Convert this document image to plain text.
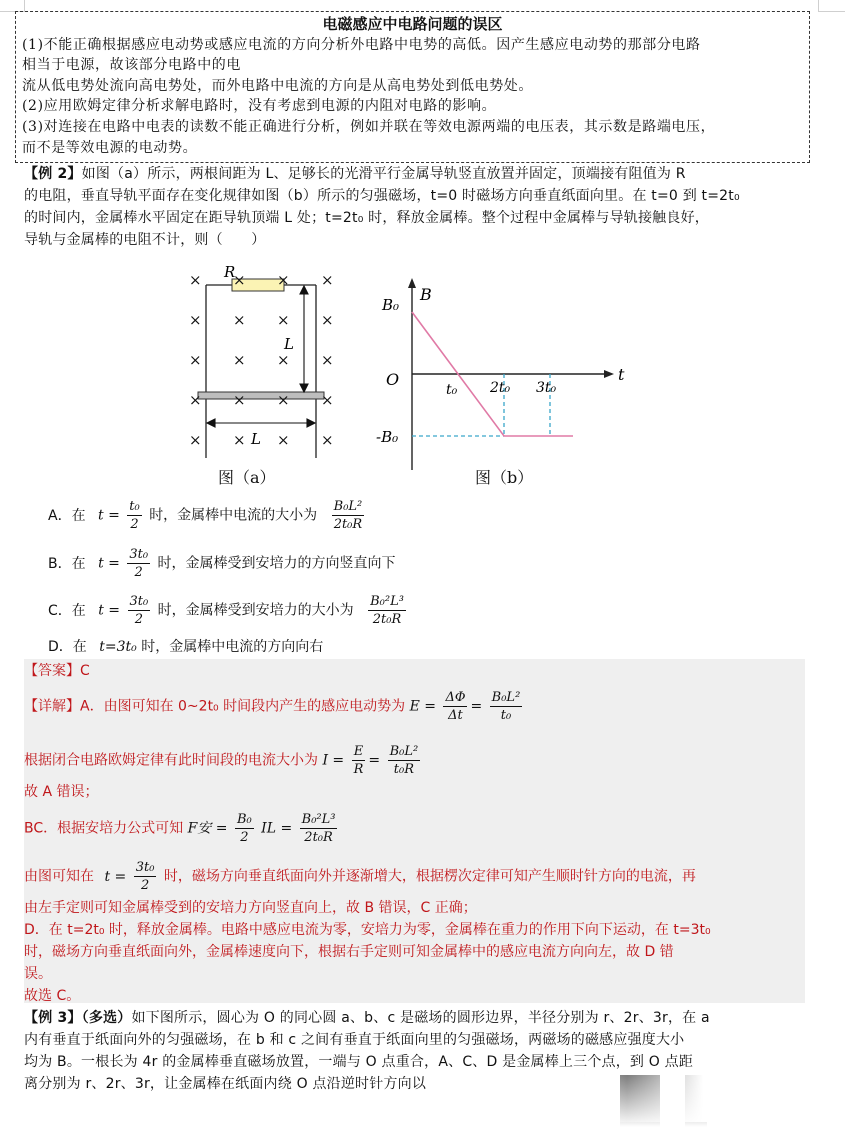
电磁感应中电路问题的误区
(1)不能正确根据感应电动势或感应电流的方向分析外电路中电势的高低。因产生感应电动势的那部分电路
相当于电源，故该部分电路中的电
流从低电势处流向高电势处，而外电路中电流的方向是从高电势处到低电势处。
(2)应用欧姆定律分析求解电路时，没有考虑到电源的内阻对电路的影响。
(3)对连接在电路中电表的读数不能正确进行分析，例如并联在等效电源两端的电压表，其示数是路端电压，
而不是等效电源的电动势。
【例 2】如图（a）所示，两根间距为 L、足够长的光滑平行金属导轨竖直放置并固定，顶端接有阻值为 R
的电阻，垂直导轨平面存在变化规律如图（b）所示的匀强磁场，t=0 时磁场方向垂直纸面向里。在 t=0 到 t=2t₀
的时间内，金属棒水平固定在距导轨顶端 L 处；t=2t₀ 时，释放金属棒。整个过程中金属棒与导轨接触良好，
导轨与金属棒的电阻不计，则（　　）
× × × ×
× × × ×
× × × ×
× × × ×
× × × ×
R
L
L
图（a）
B
t
O
B₀
-B₀
t₀ 2t₀ 3t₀
图（b）
A．在 $t = \frac{\text{t₀}}{2}$ 时，金属棒中电流的大小为 $\frac{\text{B₀L²}}{\text{2t₀R}}$
B．在 $t = \frac{\text{3t₀}}{2}$ 时，金属棒受到安培力的方向竖直向下
C．在 $t = \frac{\text{3t₀}}{2}$ 时，金属棒受到安培力的大小为 $\frac{\text{B₀²L³}}{\text{2t₀R}}$
D．在 t=3t₀ 时，金属棒中电流的方向向右
【答案】C
【详解】A．由图可知在 0~2t₀ 时间段内产生的感应电动势为 $E = \frac{\Delta\Phi}{\Delta t} = \frac{\text{B₀L²}}{\text{t₀}}$
根据闭合电路欧姆定律有此时间段的电流大小为 $I = \frac{E}{R} = \frac{\text{B₀L²}}{\text{t₀R}}$
故 A 错误；
BC．根据安培力公式可知 F安 = $\frac{\text{B₀}}{2}$ IL = $\frac{\text{B₀²L³}}{\text{2t₀R}}$
由图可知在 $t = \frac{\text{3t₀}}{2}$ 时，磁场方向垂直纸面向外并逐渐增大，根据楞次定律可知产生顺时针方向的电流，再
由左手定则可知金属棒受到的安培力方向竖直向上，故 B 错误，C 正确；
D．在 t=2t₀ 时，释放金属棒。电路中感应电流为零，安培力为零，金属棒在重力的作用下向下运动，在 t=3t₀
时，磁场方向垂直纸面向外，金属棒速度向下，根据右手定则可知金属棒中的感应电流方向向左，故 D 错
误。
故选 C。
【例 3】（多选）如下图所示，圆心为 O 的同心圆 a、b、c 是磁场的圆形边界，半径分别为 r、2r、3r，在 a
内有垂直于纸面向外的匀强磁场，在 b 和 c 之间有垂直于纸面向里的匀强磁场，两磁场的磁感应强度大小
均为 B。一根长为 4r 的金属棒垂直磁场放置，一端与 O 点重合，A、C、D 是金属棒上三个点，到 O 点距
离分别为 r、2r、3r，让金属棒在纸面内绕 O 点沿逆时针方向以
